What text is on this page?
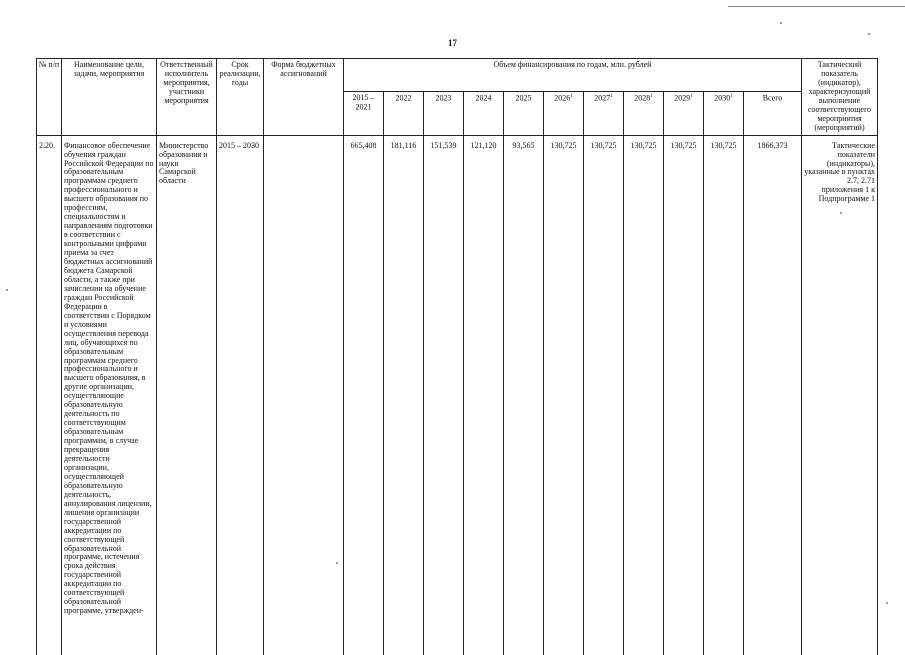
17
№ п/п	Наименование цели, задачи, мероприятия	Ответственный исполнитель мероприятия, участники мероприятия	Срок реализации, годы	Форма бюджетных ассигнований	Объем финансирования по годам, млн. рублей											Тактический показатель (индикатор), характеризующий выполнение соответствующего мероприятия (мероприятий)
					2015 – 2021	2022	2023	2024	2025	2026$^1$	2027$^1$	2028$^1$	2029$^1$	2030$^1$	Всего	
2.20.	Финансовое обеспечение обучения граждан Российской Федерации по образовательным программам среднего профессионального и высшего образования по профессиям, специальностям и направлениям подготовки в соответствии с контрольными цифрами приема за счет бюджетных ассигнований бюджета Самарской области, а также при зачислении на обучение граждан Российской Федерации в соответствии с Порядком и условиями осуществления перевода лиц, обучающихся по образовательным программам среднего профессионального и высшего образования, в другие организации, осуществляющие образовательную деятельность по соответствующим образовательным программам, в случае прекращения деятельности организации, осуществляющей образовательную деятельность, аннулирования лицензии, лишения организации государственной аккредитации по соответствующей образовательной программе, истечения срока действия государственной аккредитации по соответствующей образовательной программе, утвержден-	Министерство образования и науки Самарской области	2015 – 2030		665,408	181,116	151,539	121,120	93,565	130,725	130,725	130,725	130,725	130,725	1866,373	Тактические показатели (индикаторы), указанные в пунктах 2.7, 2.71 приложения 1 к Подпрограмме 1
